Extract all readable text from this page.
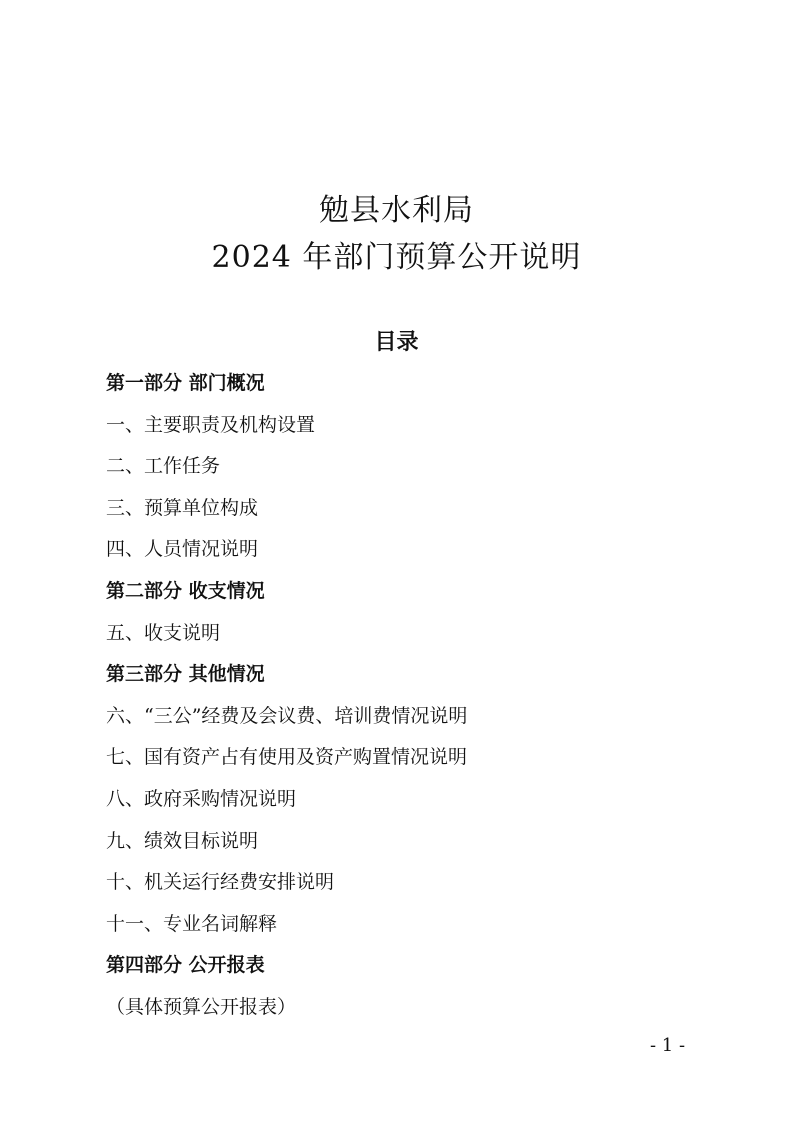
勉县水利局
2024 年部门预算公开说明
目录
第一部分 部门概况
一、主要职责及机构设置
二、工作任务
三、预算单位构成
四、人员情况说明
第二部分 收支情况
五、收支说明
第三部分 其他情况
六、“三公”经费及会议费、培训费情况说明
七、国有资产占有使用及资产购置情况说明
八、政府采购情况说明
九、绩效目标说明
十、机关运行经费安排说明
十一、专业名词解释
第四部分 公开报表
（具体预算公开报表）
- 1 -
